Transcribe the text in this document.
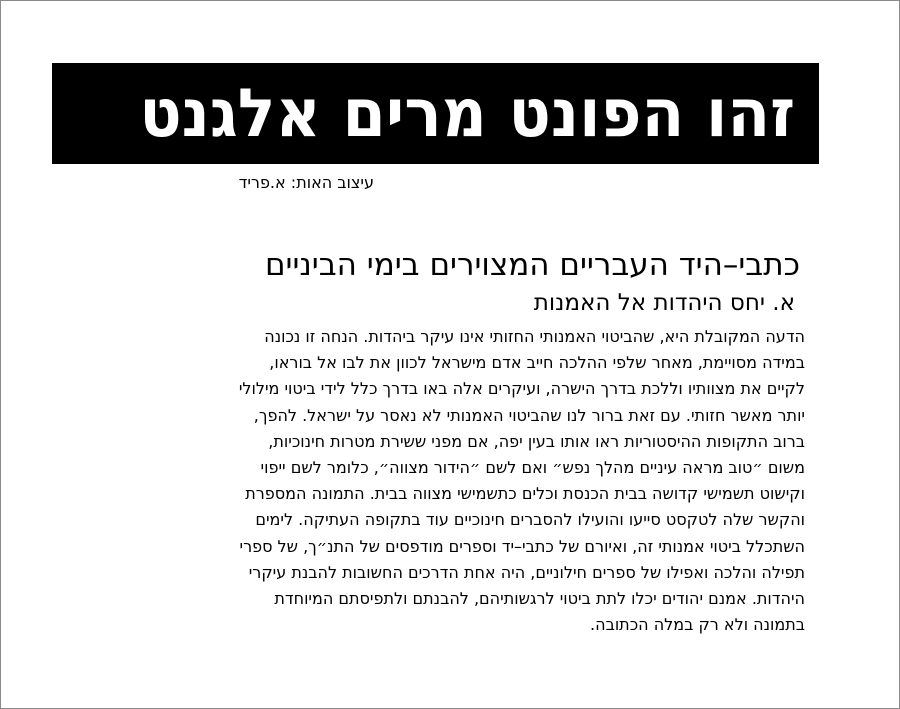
זהו הפונט מרים אלגנט
עיצוב האות: א.פריד
כתבי–היד העבריים המצוירים בימי הביניים
א. יחס היהדות אל האמנות
הדעה המקובלת היא, שהביטוי האמנותי החזותי אינו עיקר ביהדות. הנחה זו נכונה
במידה מסויימת, מאחר שלפי ההלכה חייב אדם מישראל לכוון את לבו אל בוראו,
לקיים את מצוותיו וללכת בדרך הישרה, ועיקרים אלה באו בדרך כלל לידי ביטוי מילולי
יותר מאשר חזותי. עם זאת ברור לנו שהביטוי האמנותי לא נאסר על ישראל. להפך,
ברוב התקופות ההיסטוריות ראו אותו בעין יפה, אם מפני ששירת מטרות חינוכיות,
משום ״טוב מראה עיניים מהלך נפש״ ואם לשם ״הידור מצווה״, כלומר לשם ייפוי
וקישוט תשמישי קדושה בבית הכנסת וכלים כתשמישי מצווה בבית. התמונה המספרת
והקשר שלה לטקסט סייעו והועילו להסברים חינוכיים עוד בתקופה העתיקה. לימים
השתכלל ביטוי אמנותי זה, ואיורם של כתבי–יד וספרים מודפסים של התנ״ך, של ספרי
תפילה והלכה ואפילו של ספרים חילוניים, היה אחת הדרכים החשובות להבנת עיקרי
היהדות. אמנם יהודים יכלו לתת ביטוי לרגשותיהם, להבנתם ולתפיסתם המיוחדת
בתמונה ולא רק במלה הכתובה.
